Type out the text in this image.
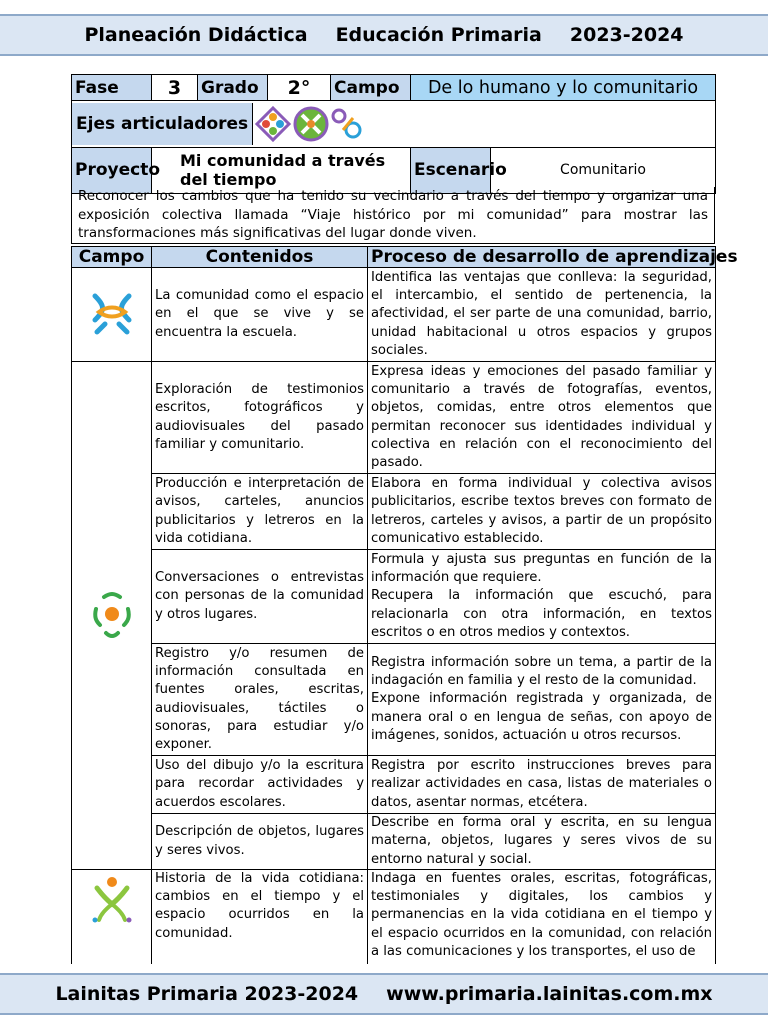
Planeación Didáctica Educación Primaria 2023-2024
Fase	3	Grado	2°	Campo	De lo humano y lo comunitario	

Ejes articuladores						

Proyecto	Mi comunidad a través del tiempo				Escenario	Comunitario
Reconocer los cambios que ha tenido su vecindario a través del tiempo y organizar una exposición colectiva llamada “Viaje histórico por mi comunidad” para mostrar las transformaciones más significativas del lugar donde viven.
Campo	Contenidos	Proceso de desarrollo de aprendizajes
	La comunidad como el espacio en el que se vive y se encuentra la escuela.	Identifica las ventajas que conlleva: la seguridad, el intercambio, el sentido de pertenencia, la afectividad, el ser parte de una comunidad, barrio, unidad habitacional u otros espacios y grupos sociales.
	Exploración de testimonios escritos, fotográficos y audiovisuales del pasado familiar y comunitario.	Expresa ideas y emociones del pasado familiar y comunitario a través de fotografías, eventos, objetos, comidas, entre otros elementos que permitan reconocer sus identidades individual y colectiva en relación con el reconocimiento del pasado.
	Producción e interpretación de avisos, carteles, anuncios publicitarios y letreros en la vida cotidiana.	Elabora en forma individual y colectiva avisos publicitarios, escribe textos breves con formato de letreros, carteles y avisos, a partir de un propósito comunicativo establecido.
	Conversaciones o entrevistas con personas de la comunidad y otros lugares.	Formula y ajusta sus preguntas en función de la información que requiere.
Recupera la información que escuchó, para relacionarla con otra información, en textos escritos o en otros medios y contextos.

	Registro y/o resumen de información consultada en fuentes orales, escritas, audiovisuales, táctiles o sonoras, para estudiar y/o exponer.	Registra información sobre un tema, a partir de la indagación en familia y el resto de la comunidad.
Expone información registrada y organizada, de manera oral o en lengua de señas, con apoyo de imágenes, sonidos, actuación u otros recursos.

	Uso del dibujo y/o la escritura para recordar actividades y acuerdos escolares.	Registra por escrito instrucciones breves para realizar actividades en casa, listas de materiales o datos, asentar normas, etcétera.
	Descripción de objetos, lugares y seres vivos.	Describe en forma oral y escrita, en su lengua materna, objetos, lugares y seres vivos de su entorno natural y social.
	Historia de la vida cotidiana: cambios en el tiempo y el espacio ocurridos en la comunidad.	Indaga en fuentes orales, escritas, fotográficas, testimoniales y digitales, los cambios y permanencias en la vida cotidiana en el tiempo y el espacio ocurridos en la comunidad, con relación a las comunicaciones y los transportes, el uso de
Lainitas Primaria 2023-2024 www.primaria.lainitas.com.mx
